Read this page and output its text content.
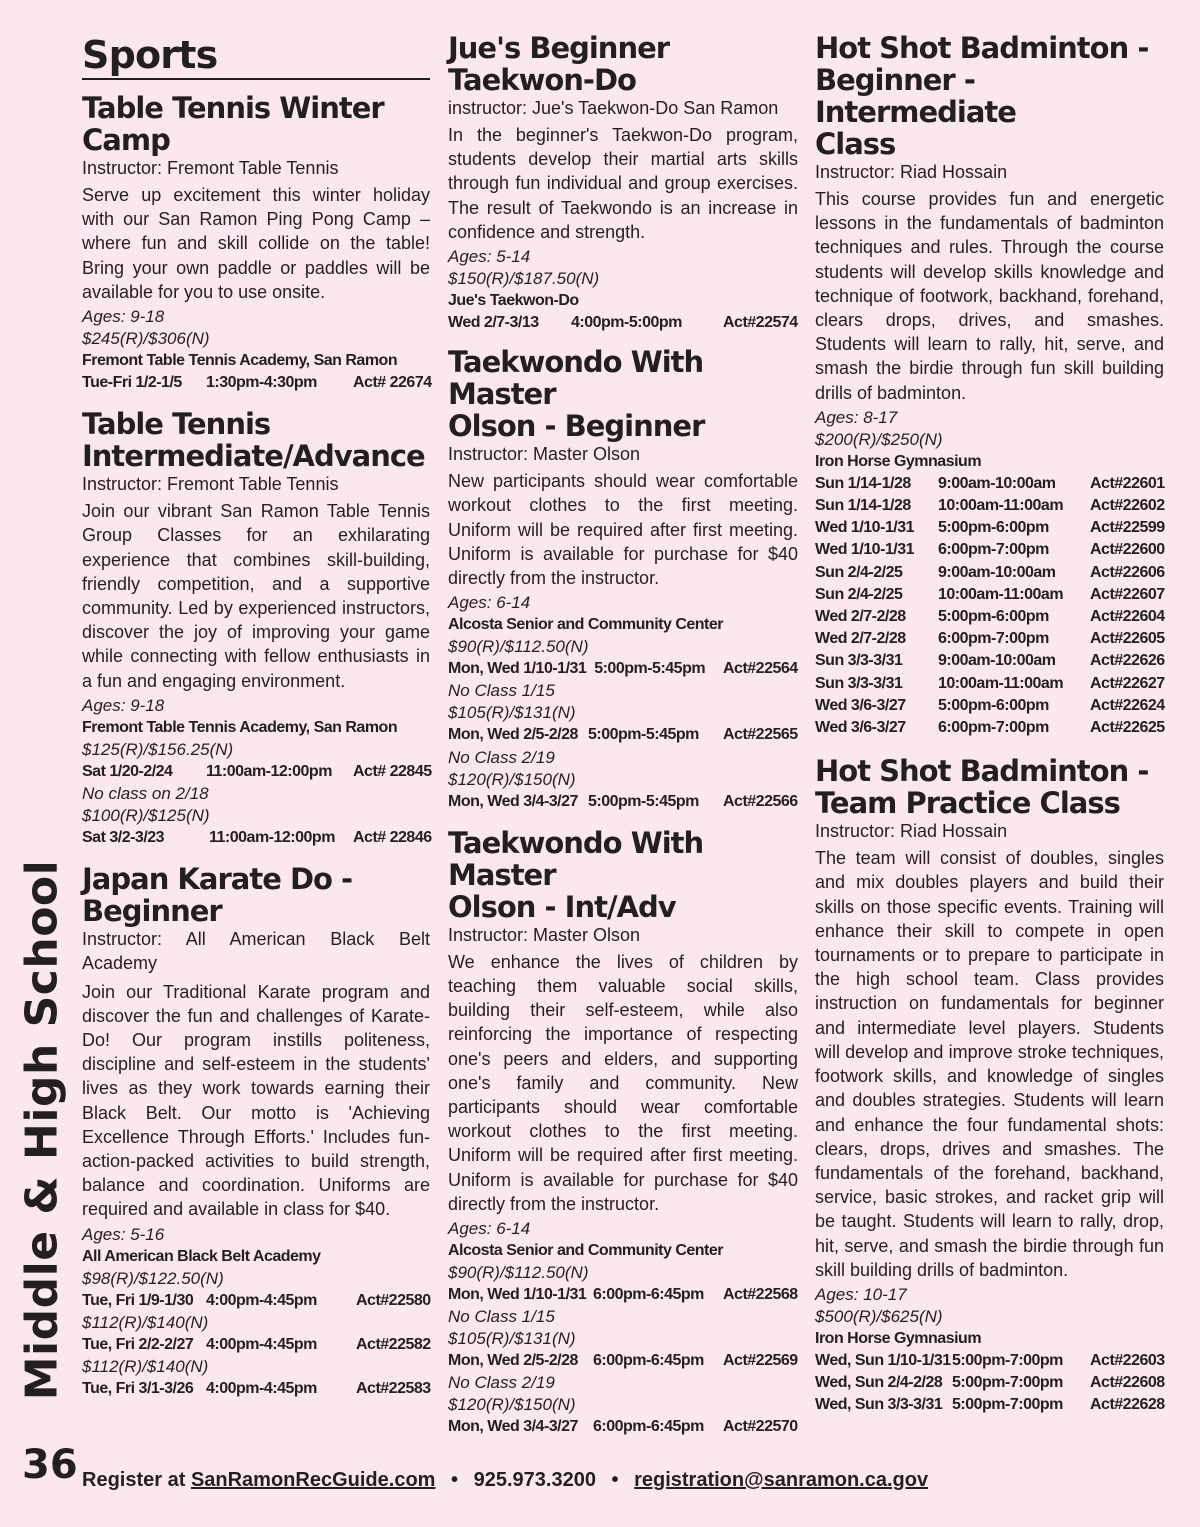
Middle & High School
Sports
Table Tennis Winter Camp
Instructor: Fremont Table Tennis
Serve up excitement this winter holiday with our San Ramon Ping Pong Camp – where fun and skill collide on the table! Bring your own paddle or paddles will be available for you to use onsite.
Ages: 9-18
$245(R)/$306(N)
Fremont Table Tennis Academy, San Ramon
Tue-Fri 1/2-1/5	1:30pm-4:30pm	Act# 22674
Table Tennis
Intermediate/Advance
Instructor: Fremont Table Tennis
Join our vibrant San Ramon Table Tennis Group Classes for an exhilarating experience that combines skill-building, friendly competition, and a supportive community. Led by experienced instructors, discover the joy of improving your game while connecting with fellow enthusiasts in a fun and engaging environment.
Ages: 9-18
Fremont Table Tennis Academy, San Ramon
$125(R)/$156.25(N)
Sat 1/20-2/24	11:00am-12:00pm	Act# 22845
No class on 2/18
$100(R)/$125(N)
Sat 3/2-3/23	11:00am-12:00pm	Act# 22846
Japan Karate Do -
Beginner
Instructor: All American Black Belt Academy
Join our Traditional Karate program and discover the fun and challenges of Karate-Do! Our program instills politeness, discipline and self-esteem in the students' lives as they work towards earning their Black Belt. Our motto is 'Achieving Excellence Through Efforts.' Includes fun-action-packed activities to build strength, balance and coordination. Uniforms are required and available in class for $40.
Ages: 5-16
All American Black Belt Academy
$98(R)/$122.50(N)
Tue, Fri 1/9-1/30 4:00pm-4:45pm	Act#22580
$112(R)/$140(N)
Tue, Fri 2/2-2/27 4:00pm-4:45pm	Act#22582
$112(R)/$140(N)
Tue, Fri 3/1-3/26 4:00pm-4:45pm	Act#22583
Jue's Beginner
Taekwon-Do
instructor: Jue's Taekwon-Do San Ramon
In the beginner's Taekwon-Do program, students develop their martial arts skills through fun individual and group exercises. The result of Taekwondo is an increase in confidence and strength.
Ages: 5-14
$150(R)/$187.50(N)
Jue's Taekwon-Do
Wed 2/7-3/13	4:00pm-5:00pm	Act#22574
Taekwondo With Master
Olson - Beginner
Instructor: Master Olson
New participants should wear comfortable workout clothes to the first meeting. Uniform will be required after first meeting. Uniform is available for purchase for $40 directly from the instructor.
Ages: 6-14
Alcosta Senior and Community Center
$90(R)/$112.50(N)
Mon, Wed 1/10-1/31  5:00pm-5:45pm	Act#22564
No Class 1/15
$105(R)/$131(N)
Mon, Wed 2/5-2/28 5:00pm-5:45pm	Act#22565
No Class 2/19
$120(R)/$150(N)
Mon, Wed 3/4-3/27 5:00pm-5:45pm	Act#22566
Taekwondo With Master
Olson - Int/Adv
Instructor: Master Olson
We enhance the lives of children by teaching them valuable social skills, building their self-esteem, while also reinforcing the importance of respecting one's peers and elders, and supporting one's family and community. New participants should wear comfortable workout clothes to the first meeting. Uniform will be required after first meeting. Uniform is available for purchase for $40 directly from the instructor.
Ages: 6-14
Alcosta Senior and Community Center
$90(R)/$112.50(N)
Mon, Wed 1/10-1/31 6:00pm-6:45pm	Act#22568
No Class 1/15
$105(R)/$131(N)
Mon, Wed 2/5-2/28 6:00pm-6:45pm	Act#22569
No Class 2/19
$120(R)/$150(N)
Mon, Wed 3/4-3/27 6:00pm-6:45pm	Act#22570
Hot Shot Badminton -
Beginner - Intermediate
Class
Instructor: Riad Hossain
This course provides fun and energetic lessons in the fundamentals of badminton techniques and rules. Through the course students will develop skills knowledge and technique of footwork, backhand, forehand, clears drops, drives, and smashes. Students will learn to rally, hit, serve, and smash the birdie through fun skill building drills of badminton.
Ages: 8-17
$200(R)/$250(N)
Iron Horse Gymnasium
Sun 1/14-1/28	9:00am-10:00am	Act#22601
Sun 1/14-1/28	10:00am-11:00am	Act#22602
Wed 1/10-1/31	5:00pm-6:00pm	Act#22599
Wed 1/10-1/31	6:00pm-7:00pm	Act#22600
Sun 2/4-2/25	9:00am-10:00am	Act#22606
Sun 2/4-2/25	10:00am-11:00am	Act#22607
Wed 2/7-2/28	5:00pm-6:00pm	Act#22604
Wed 2/7-2/28	6:00pm-7:00pm	Act#22605
Sun 3/3-3/31	9:00am-10:00am	Act#22626
Sun 3/3-3/31	10:00am-11:00am	Act#22627
Wed 3/6-3/27	5:00pm-6:00pm	Act#22624
Wed 3/6-3/27	6:00pm-7:00pm	Act#22625
Hot Shot Badminton -
Team Practice Class
Instructor: Riad Hossain
The team will consist of doubles, singles and mix doubles players and build their skills on those specific events. Training will enhance their skill to compete in open tournaments or to prepare to participate in the high school team. Class provides instruction on fundamentals for beginner and intermediate level players. Students will develop and improve stroke techniques, footwork skills, and knowledge of singles and doubles strategies. Students will learn and enhance the four fundamental shots: clears, drops, drives and smashes. The fundamentals of the forehand, backhand, service, basic strokes, and racket grip will be taught. Students will learn to rally, drop, hit, serve, and smash the birdie through fun skill building drills of badminton.
Ages: 10-17
$500(R)/$625(N)
Iron Horse Gymnasium
Wed, Sun 1/10-1/31 5:00pm-7:00pm	Act#22603
Wed, Sun 2/4-2/28 5:00pm-7:00pm	Act#22608
Wed, Sun 3/3-3/31 5:00pm-7:00pm	Act#22628
36 Register at SanRamonRecGuide.com • 925.973.3200 • registration@sanramon.ca.gov
